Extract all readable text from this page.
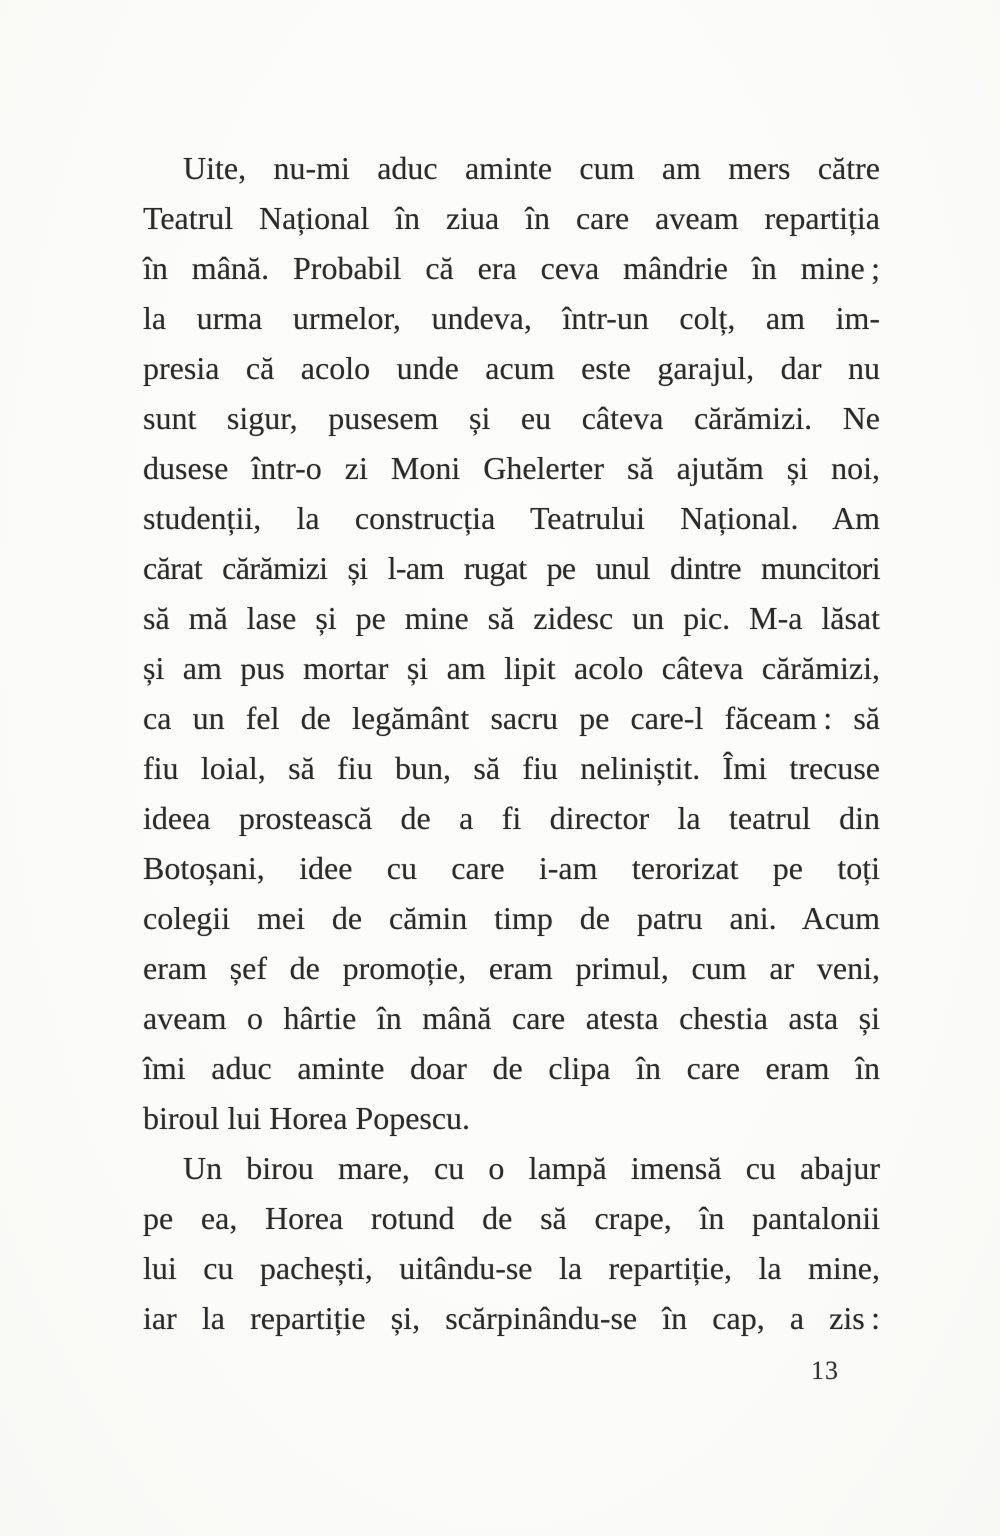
Uite, nu-mi aduc aminte cum am mers către
Teatrul Național în ziua în care aveam repartiția
în mână. Probabil că era ceva mândrie în mine ;
la urma urmelor, undeva, într-un colț, am im-
presia că acolo unde acum este garajul, dar nu
sunt sigur, pusesem și eu câteva cărămizi. Ne
dusese într-o zi Moni Ghelerter să ajutăm și noi,
studenții, la construcția Teatrului Național. Am
cărat cărămizi și l-am rugat pe unul dintre muncitori
să mă lase și pe mine să zidesc un pic. M-a lăsat
și am pus mortar și am lipit acolo câteva cărămizi,
ca un fel de legământ sacru pe care-l făceam : să
fiu loial, să fiu bun, să fiu neliniștit. Îmi trecuse
ideea prostească de a fi director la teatrul din
Botoșani, idee cu care i-am terorizat pe toți
colegii mei de cămin timp de patru ani. Acum
eram șef de promoție, eram primul, cum ar veni,
aveam o hârtie în mână care atesta chestia asta și
îmi aduc aminte doar de clipa în care eram în
biroul lui Horea Popescu.
Un birou mare, cu o lampă imensă cu abajur
pe ea, Horea rotund de să crape, în pantalonii
lui cu pachești, uitându-se la repartiție, la mine,
iar la repartiție și, scărpinându-se în cap, a zis :
13
